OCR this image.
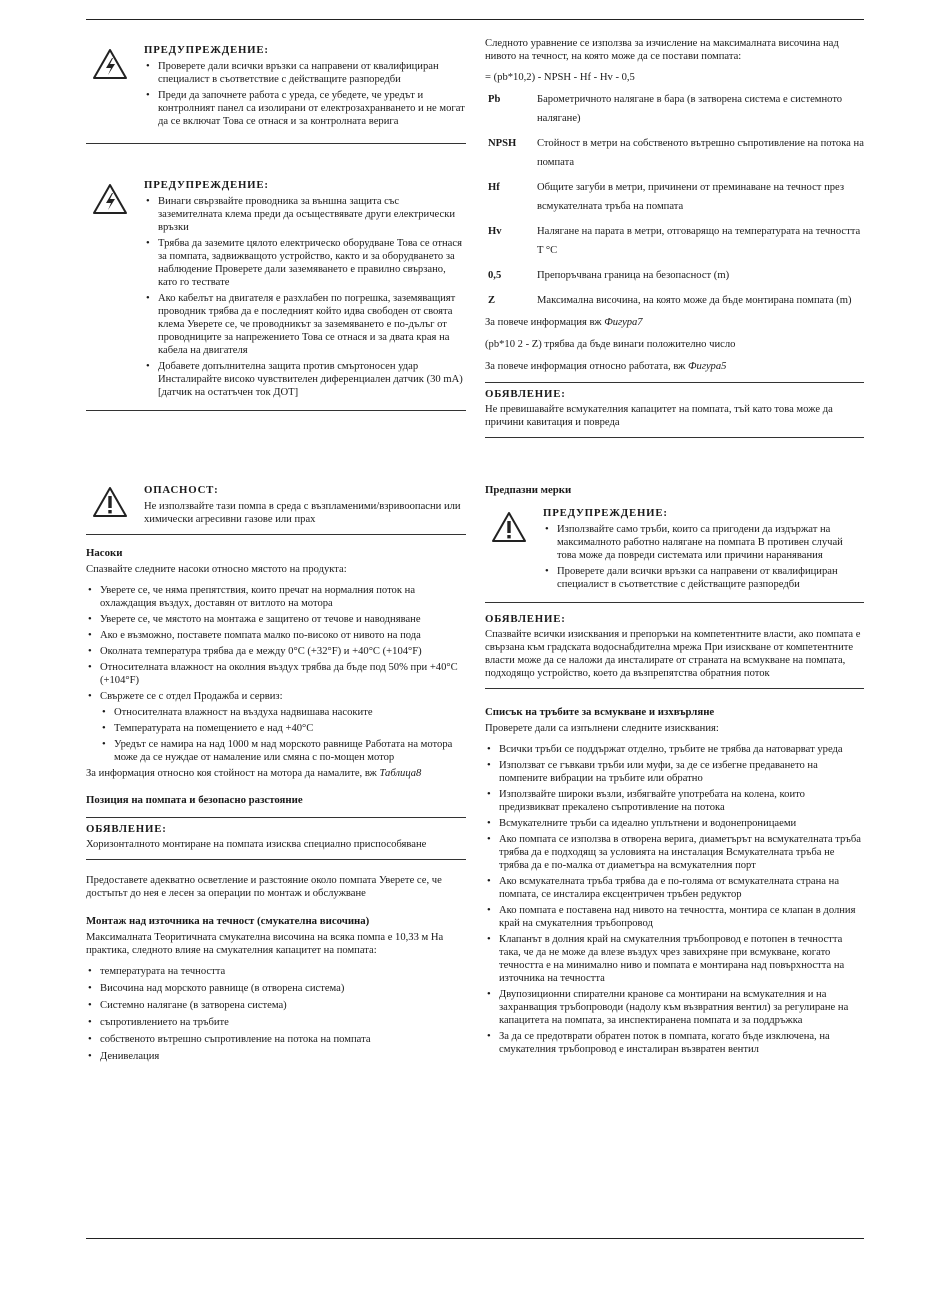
ПРЕДУПРЕЖДЕНИЕ:
• Проверете дали всички връзки са направени от квалифициран специалист в съответствие с действащите разпоредби
• Преди да започнете работа с уреда, се убедете, че уредът и контролният панел са изолирани от електрозахранването и не могат да се включат Това се отнася и за контролната верига
ПРЕДУПРЕЖДЕНИЕ:
• Винаги свързвайте проводника за външна защита със заземителната клема преди да осъществявате други електрически връзки
• Трябва да заземите цялото електрическо оборудване Това се отнася за помпата, задвижващото устройство, както и за оборудването за наблюдение Проверете дали заземяването е правилно свързано, като го тествате
• Ако кабелът на двигателя е разхлабен по погрешка, заземяващият проводник трябва да е последният който идва свободен от своята клема Уверете се, че проводникът за заземяването е по-дълъг от проводниците за напрежението Това се отнася и за двата края на кабела на двигателя
• Добавете допълнителна защита против смъртоносен удар Инсталирайте високо чувствителен диференциален датчик (30 mA) [датчик на остатъчен ток ДОТ]
ОПАСНОСТ:
Не използвайте тази помпа в среда с възпламеними/взривоопасни или химически агресивни газове или прах
Насоки

Спазвайте следните насоки относно мястото на продукта:

• Уверете се, че няма препятствия, които пречат на нормалния поток на охлаждащия въздух, доставян от витлото на мотора
• Уверете се, че мястото на монтажа е защитено от течове и наводняване
• Ако е възможно, поставете помпата малко по-високо от нивото на пода
• Околната температура трябва да е между 0°C (+32°F) и +40°C (+104°F)
• Относителната влажност на околния въздух трябва да бъде под 50% при +40°C (+104°F)
• Свържете се с отдел Продажба и сервиз:
• Относителната влажност на въздуха надвишава насоките
• Температурата на помещението е над +40°C
• Уредът се намира на над 1000 м над морското равнище Работата на мотора може да се нуждае от намаление или смяна с по-мощен мотор

За информация относно коя стойност на мотора да намалите, вж Таблица8

Позиция на помпата и безопасно разстояние
ОБЯВЛЕНИЕ:
Хоризонталното монтиране на помпата изисква специално приспособяване

Предоставете адекватно осветление и разстояние около помпата Уверете се, че достъпът до нея е лесен за операции по монтаж и обслужване

Монтаж над източника на течност (смукателна височина)

Максималната Теоритичната смукателна височина на всяка помпа е 10,33 м На практика, следното влияе на смукателния капацитет на помпата:

• температурата на течността
• Височина над морското равнище (в отворена система)
• Системно налягане (в затворена система)
• съпротивлението на тръбите
• собственото вътрешно съпротивление на потока на помпата
• Денивелация

Следното уравнение се използва за изчисление на максималната височина над нивото на течност, на която може да се постави помпата:

= (pb*10,2) - NPSH - Hf - Hv - 0,5

Pb	Барометричното налягане в бара (в затворена система е системното налягане)
NPSH	Стойност в метри на собственото вътрешно съпротивление на потока на помпата
Hf	Общите загуби в метри, причинени от преминаване на течност през всмукателната тръба на помпата
Hv	Налягане на парата в метри, отговарящо на температурата на течността T °C
0,5	Препоръчвана граница на безопасност (m)
Z	Максимална височина, на която може да бъде монтирана помпата (m)

За повече информация вж Фигура7

(pb*10 2 - Z) трябва да бъде винаги положително число

За повече информация относно работата, вж Фигура5

ОБЯВЛЕНИЕ:
Не превишавайте всмукателния капацитет на помпата, тъй като това може да причини кавитация и повреда
Предпазни мерки
ПРЕДУПРЕЖДЕНИЕ:
• Използвайте само тръби, които са пригодени да издържат на максималното работно налягане на помпата В противен случай това може да повреди системата или причини наранявания
• Проверете дали всички връзки са направени от квалифициран специалист в съответствие с действащите разпоредби
ОБЯВЛЕНИЕ:
Спазвайте всички изисквания и препоръки на компетентните власти, ако помпата е свързана към градската водоснабдителна мрежа При изискване от компетентните власти може да се наложи да инсталирате от страната на всмукване на помпата, подходящо устройство, което да възпрепятства обратния поток
Списък на тръбите за всмукване и изхвърляне

Проверете дали са изпълнени следните изисквания:

• Всички тръби се поддържат отделно, тръбите не трябва да натоварват уреда
• Използват се гъвкави тръби или муфи, за де се избегне предаването на помпените вибрации на тръбите или обратно
• Използвайте широки възли, избягвайте употребата на колена, които предизвикват прекалено съпротивление на потока
• Всмукателните тръби са идеално уплътнени и водонепроницаеми
• Ако помпата се използва в отворена верига, диаметърът на всмукателната тръба трябва да е подходящ за условията на инсталация Всмукателната тръба не трябва да е по-малка от диаметъра на всмукателния порт
• Ако всмукателната тръба трябва да е по-голяма от всмукателната страна на помпата, се инсталира ексцентричен тръбен редуктор
• Ако помпата е поставена над нивото на течността, монтира се клапан в долния край на смукателния тръбопровод
• Клапанът в долния край на смукателния тръбопровод е потопен в течността така, че да не може да влезе въздух чрез завихряне при всмукване, когато течността е на минимално ниво и помпата е монтирана над повърхността на източника на течността
• Двупозиционни спирателни кранове са монтирани на всмукателния и на захранващия тръбопроводи (надолу към възвратния вентил) за регулиране на капацитета на помпата, за инспектиранена помпата и за поддръжка
• За да се предотврати обратен поток в помпата, когато бъде изключена, на смукателния тръбопровод е инсталиран възвратен вентил
